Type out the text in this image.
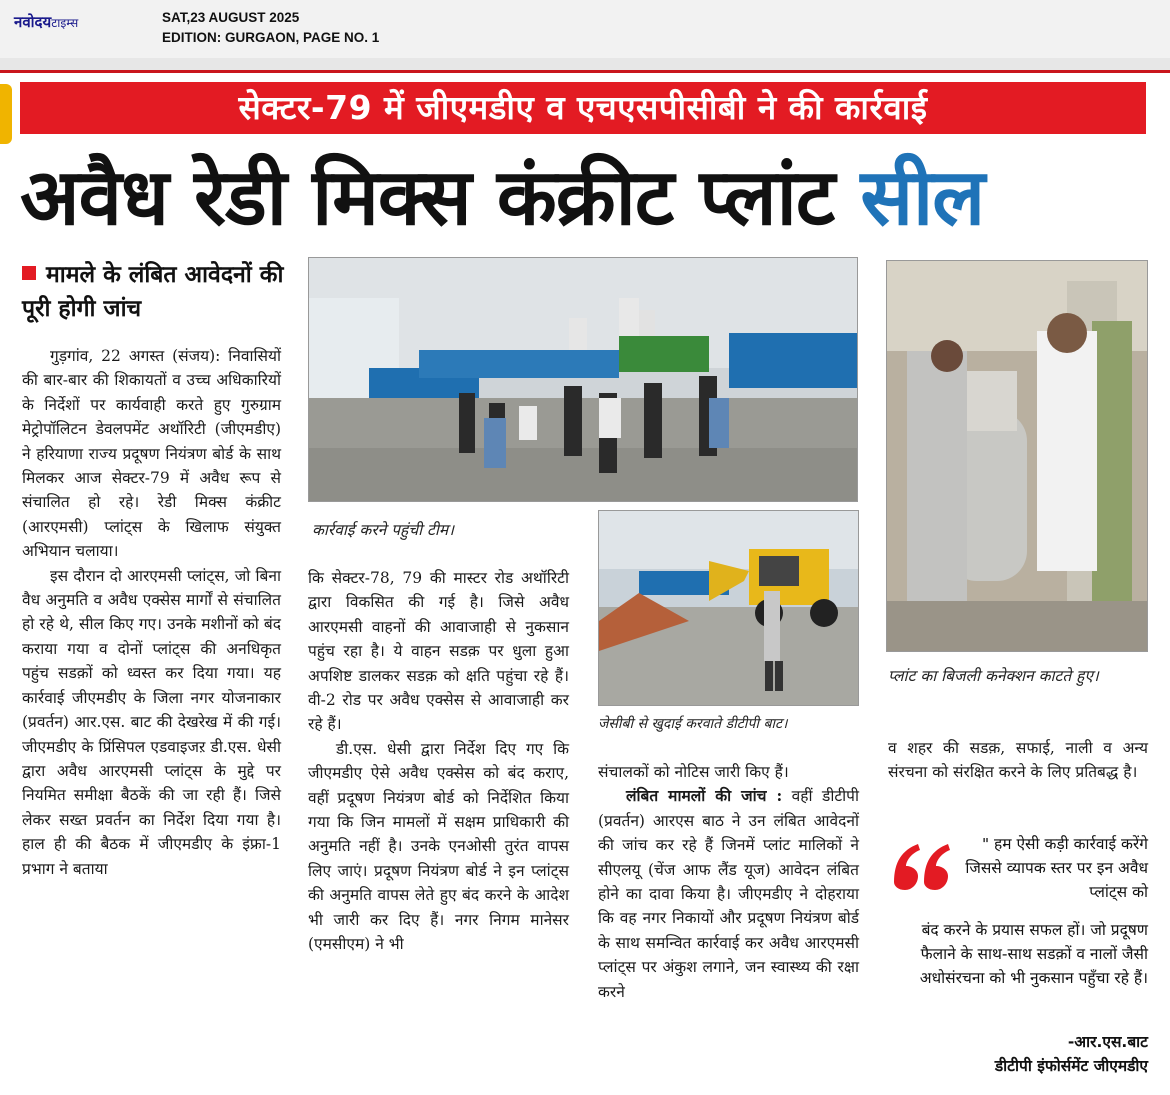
नवोदयटाइम्स	SAT,23 AUGUST 2025
EDITION: GURGAON, PAGE NO. 1
सेक्टर-79 में जीएमडीए व एचएसपीसीबी ने की कार्रवाई
अवैध रेडी मिक्स कंक्रीट प्लांट सील
मामले के लंबित आवेदनों की पूरी होगी जांच

गुड़गांव, 22 अगस्त (संजय): निवासियों की बार-बार की शिकायतों व उच्च अधिकारियों के निर्देशों पर कार्यवाही करते हुए गुरुग्राम मेट्रोपॉलिटन डेवलपमेंट अथॉरिटी (जीएमडीए) ने हरियाणा राज्य प्रदूषण नियंत्रण बोर्ड के साथ मिलकर आज सेक्टर-79 में अवैध रूप से संचालित हो रहे। रेडी मिक्स कंक्रीट (आरएमसी) प्लांट्स के खिलाफ संयुक्त अभियान चलाया।

इस दौरान दो आरएमसी प्लांट्स, जो बिना वैध अनुमति व अवैध एक्सेस मार्गों से संचालित हो रहे थे, सील किए गए। उनके मशीनों को बंद कराया गया व दोनों प्लांट्स की अनधिकृत पहुंच सडक़ों को ध्वस्त कर दिया गया। यह कार्रवाई जीएमडीए के जिला नगर योजनाकार (प्रवर्तन) आर.एस. बाट की देखरेख में की गई। जीएमडीए के प्रिंसिपल एडवाइजऱ डी.एस. धेसी द्वारा अवैध आरएमसी प्लांट्स के मुद्दे पर नियमित समीक्षा बैठकें की जा रही हैं। जिसे लेकर सख्त प्रवर्तन का निर्देश दिया गया है। हाल ही की बैठक में जीएमडीए के इंफ्रा-1 प्रभाग ने बताया

कार्रवाई करने पहुंची टीम।

कि सेक्टर-78, 79 की मास्टर रोड अथॉरिटी द्वारा विकसित की गई है। जिसे अवैध आरएमसी वाहनों की आवाजाही से नुकसान पहुंच रहा है। ये वाहन सडक़ पर धुला हुआ अपशिष्ट डालकर सडक़ को क्षति पहुंचा रहे हैं। वी-2 रोड पर अवैध एक्सेस से आवाजाही कर रहे हैं।

डी.एस. धेसी द्वारा निर्देश दिए गए कि जीएमडीए ऐसे अवैध एक्सेस को बंद कराए, वहीं प्रदूषण नियंत्रण बोर्ड को निर्देशित किया गया कि जिन मामलों में सक्षम प्राधिकारी की अनुमति नहीं है। उनके एनओसी तुरंत वापस लिए जाएं। प्रदूषण नियंत्रण बोर्ड ने इन प्लांट्स की अनुमति वापस लेते हुए बंद करने के आदेश भी जारी कर दिए हैं। नगर निगम मानेसर (एमसीएम) ने भी

जेसीबी से खुदाई करवाते डीटीपी बाट।

संचालकों को नोटिस जारी किए हैं।

लंबित मामलों की जांच : वहीं डीटीपी (प्रवर्तन) आरएस बाठ ने उन लंबित आवेदनों की जांच कर रहे हैं जिनमें प्लांट मालिकों ने सीएलयू (चेंज आफ लैंड यूज) आवेदन लंबित होने का दावा किया है। जीएमडीए ने दोहराया कि वह नगर निकायों और प्रदूषण नियंत्रण बोर्ड के साथ समन्वित कार्रवाई कर अवैध आरएमसी प्लांट्स पर अंकुश लगाने, जन स्वास्थ्य की रक्षा करने

प्लांट का बिजली कनेक्शन काटते हुए।

व शहर की सडक़, सफाई, नाली व अन्य संरचना को संरक्षित करने के लिए प्रतिबद्ध है।

" हम ऐसी कड़ी कार्रवाई करेंगे जिससे व्यापक स्तर पर इन अवैध प्लांट्स को
बंद करने के प्रयास सफल हों। जो प्रदूषण फैलाने के साथ-साथ सडक़ों व नालों जैसी अधोसंरचना को भी नुकसान पहुँचा रहे हैं।
-आर.एस.बाट
डीटीपी इंफोर्समेंट जीएमडीए
